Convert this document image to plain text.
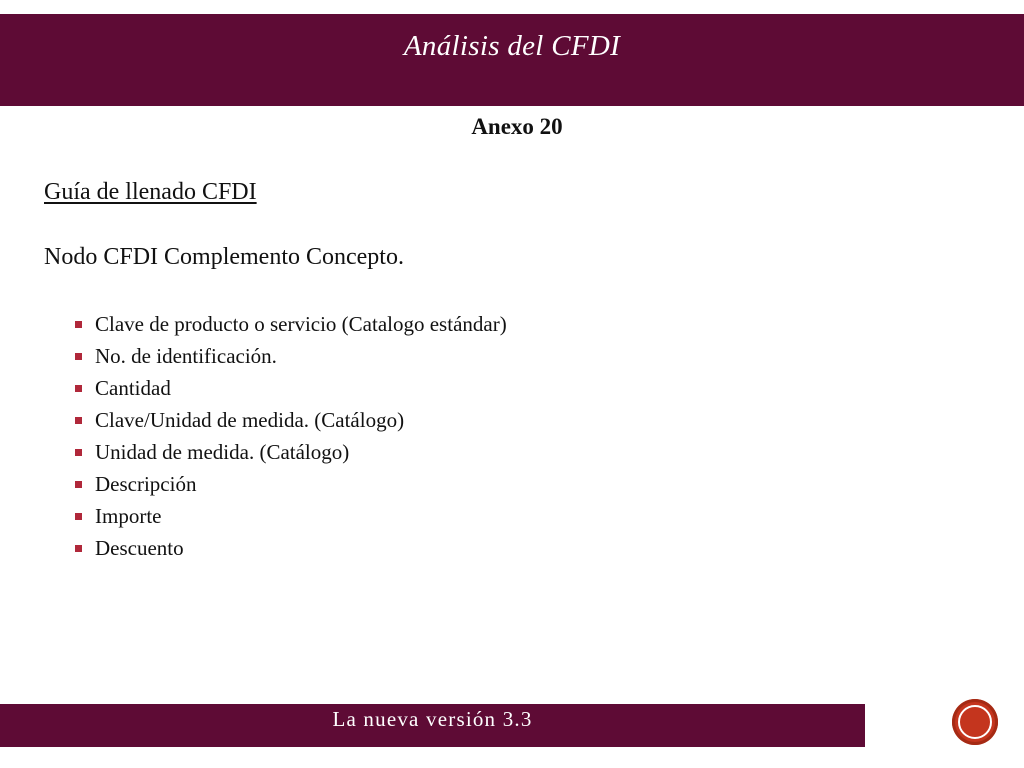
Análisis del CFDI
Anexo 20
Guía de llenado CFDI
Nodo CFDI Complemento Concepto.
Clave de producto o servicio (Catalogo estándar)
No. de identificación.
Cantidad
Clave/Unidad de medida. (Catálogo)
Unidad de medida. (Catálogo)
Descripción
Importe
Descuento
La nueva versión 3.3
